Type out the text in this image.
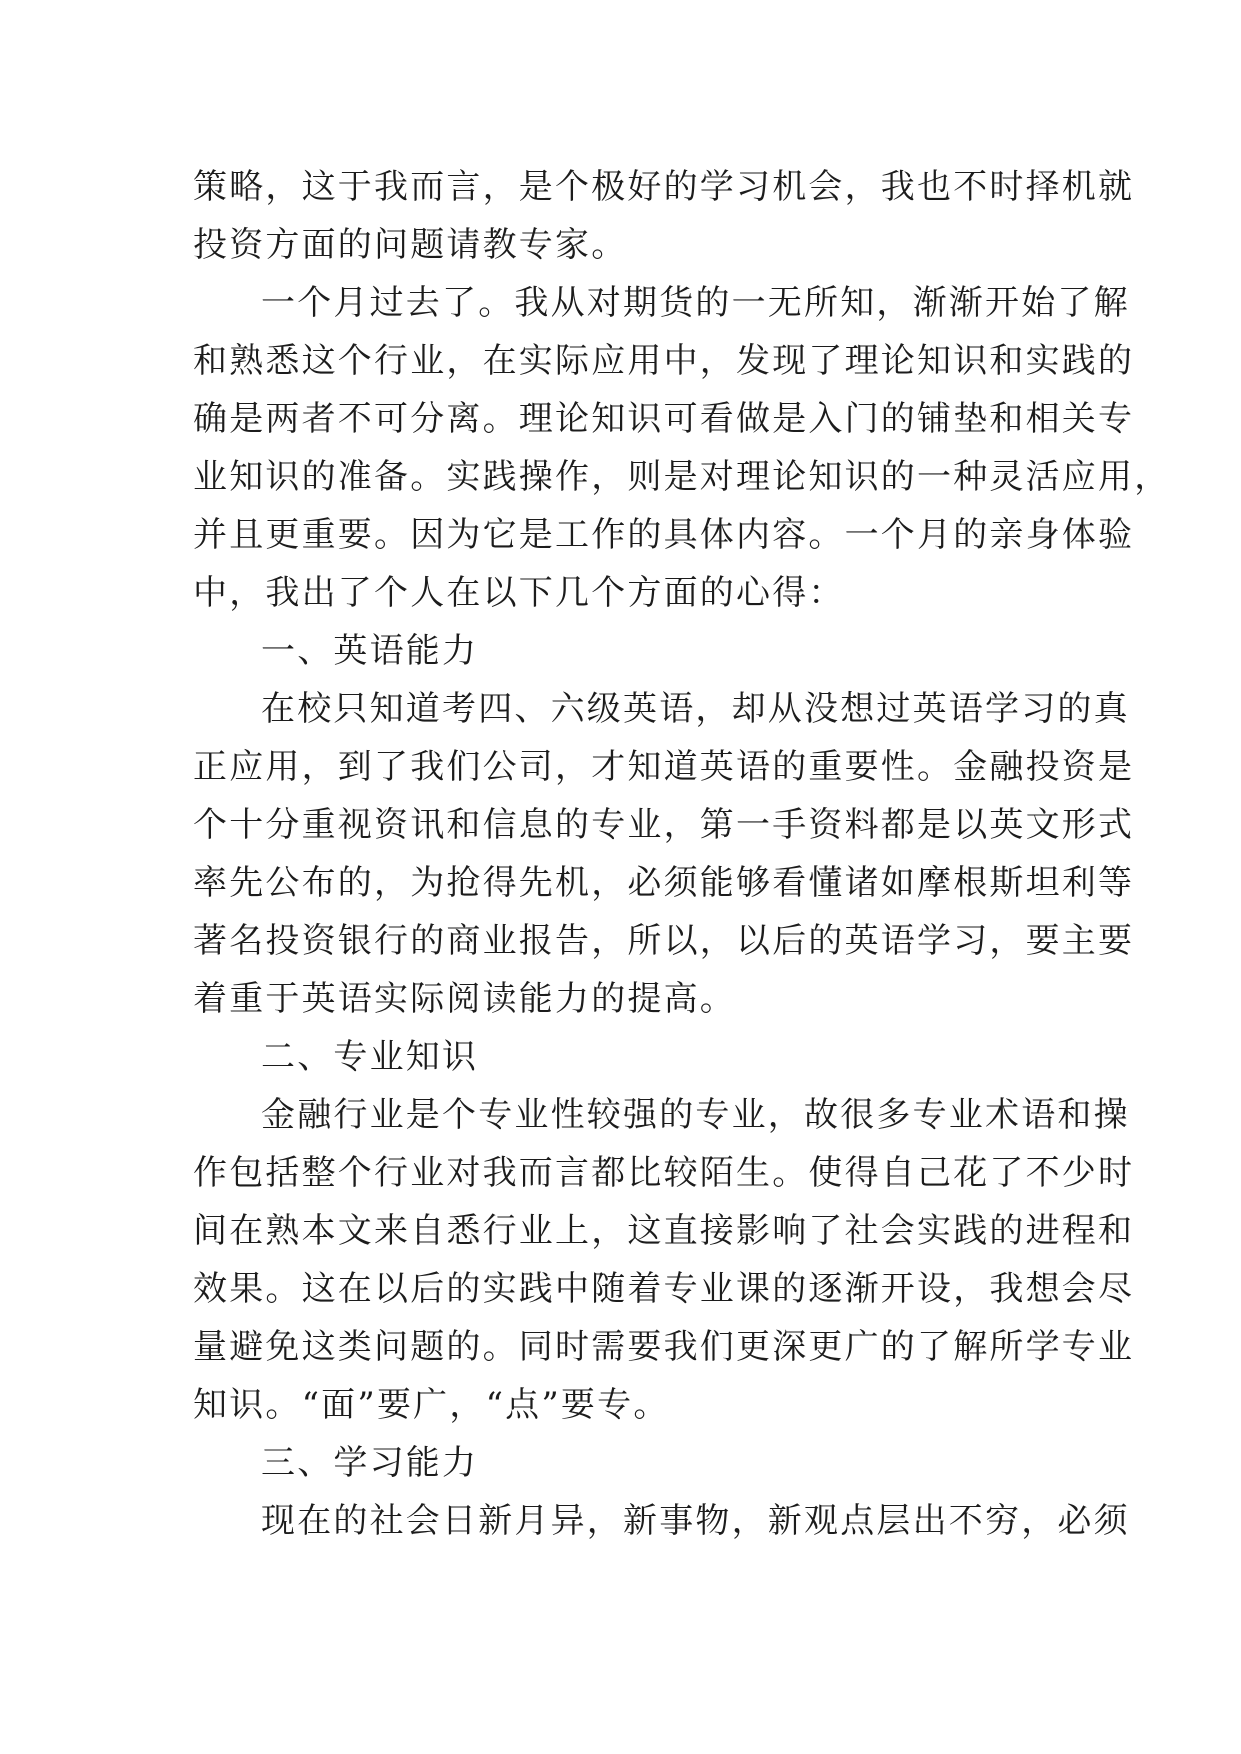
策略，这于我而言，是个极好的学习机会，我也不时择机就
投资方面的问题请教专家。
一个月过去了。我从对期货的一无所知，渐渐开始了解
和熟悉这个行业，在实际应用中，发现了理论知识和实践的
确是两者不可分离。理论知识可看做是入门的铺垫和相关专
业知识的准备。实践操作，则是对理论知识的一种灵活应用，
并且更重要。因为它是工作的具体内容。一个月的亲身体验
中，我出了个人在以下几个方面的心得：
一、英语能力
在校只知道考四、六级英语，却从没想过英语学习的真
正应用，到了我们公司，才知道英语的重要性。金融投资是
个十分重视资讯和信息的专业，第一手资料都是以英文形式
率先公布的，为抢得先机，必须能够看懂诸如摩根斯坦利等
著名投资银行的商业报告，所以，以后的英语学习，要主要
着重于英语实际阅读能力的提高。
二、专业知识
金融行业是个专业性较强的专业，故很多专业术语和操
作包括整个行业对我而言都比较陌生。使得自己花了不少时
间在熟本文来自悉行业上，这直接影响了社会实践的进程和
效果。这在以后的实践中随着专业课的逐渐开设，我想会尽
量避免这类问题的。同时需要我们更深更广的了解所学专业
知识。“面”要广，“点”要专。
三、学习能力
现在的社会日新月异，新事物，新观点层出不穷，必须
